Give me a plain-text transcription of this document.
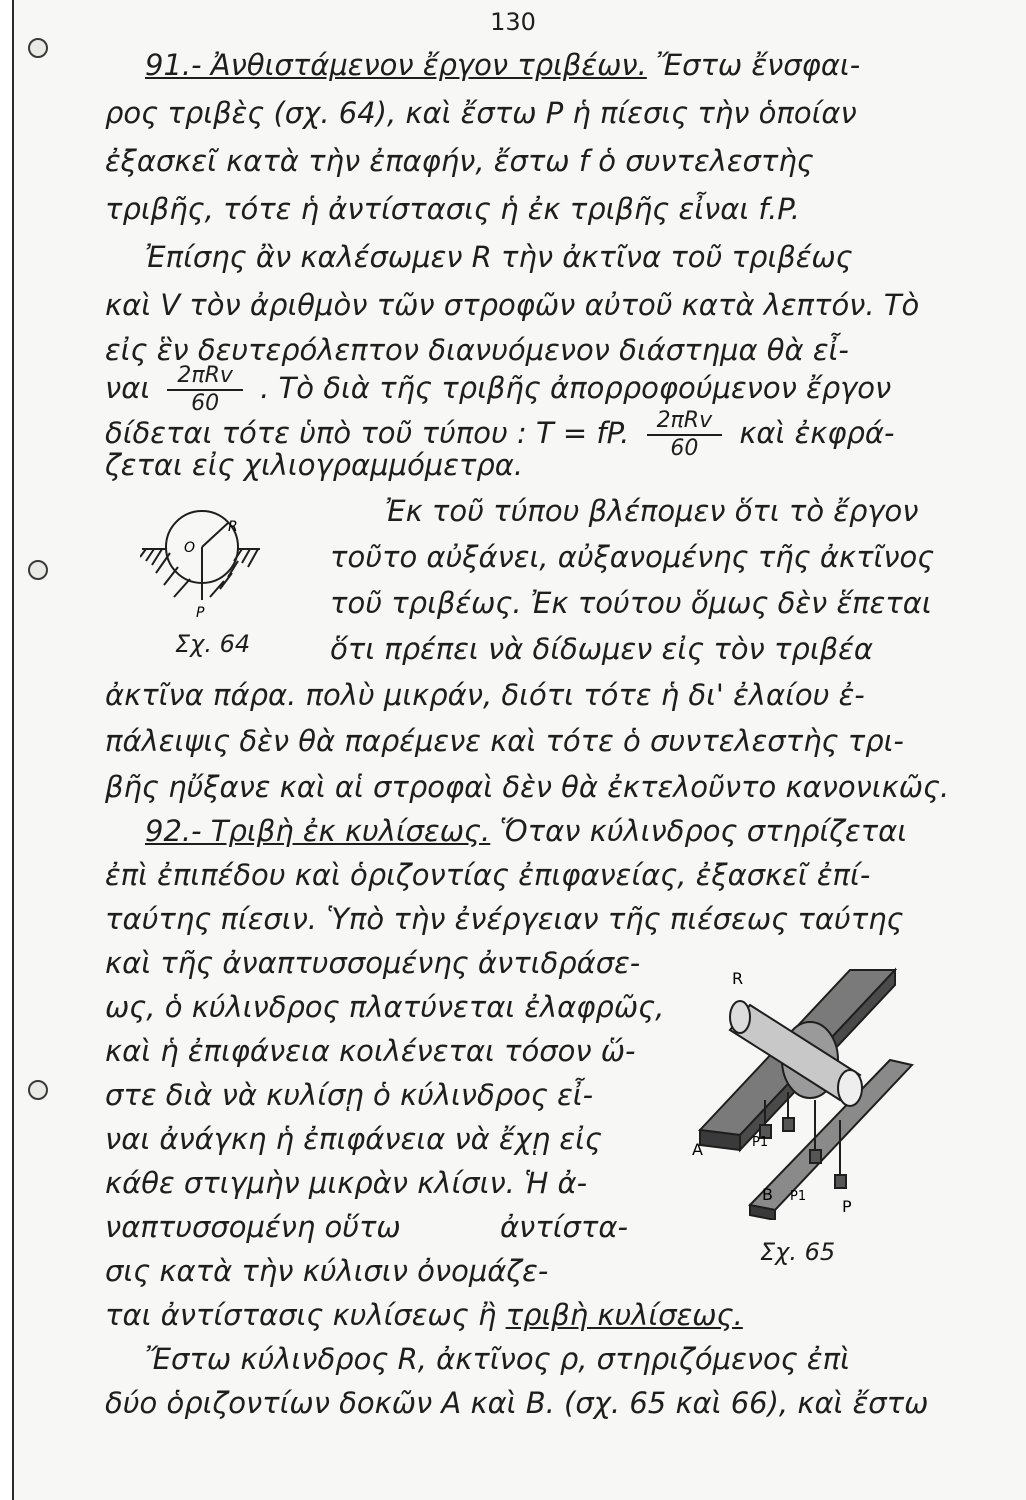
130
91.- Ἀνθιστάμενον ἔργον τριβέων. Ἔστω ἔνσφαι-
ρος τριβὲς (σχ. 64), καὶ ἔστω P ἡ πίεσις τὴν ὁποίαν
ἐξασκεῖ κατὰ τὴν ἐπαφήν, ἔστω f ὁ συντελεστὴς
τριβῆς, τότε ἡ ἀντίστασις ἡ ἐκ τριβῆς εἶναι f.P.
Ἐπίσης ἂν καλέσωμεν R τὴν ἀκτῖνα τοῦ τριβέως
καὶ V τὸν ἀριθμὸν τῶν στροφῶν αὐτοῦ κατὰ λεπτόν. Τὸ
εἰς ἓν δευτερόλεπτον διανυόμενον διάστημα θὰ εἶ-
ναι $\frac{\text{2πRv}}{60}$ . Τὸ διὰ τῆς τριβῆς ἀπορροφούμενον ἔργον
δίδεται τότε ὑπὸ τοῦ τύπου : T = fP. $\frac{\text{2πRv}}{60}$ καὶ ἐκφρά-
ζεται εἰς χιλιογραμμόμετρα.
Ἐκ τοῦ τύπου βλέπομεν ὅτι τὸ ἔργον
τοῦτο αὐξάνει, αὐξανομένης τῆς ἀκτῖνος
τοῦ τριβέως. Ἐκ τούτου ὅμως δὲν ἕπεται
ὅτι πρέπει νὰ δίδωμεν εἰς τὸν τριβέα
ἀκτῖνα πάρα. πολὺ μικράν, διότι τότε ἡ δι' ἐλαίου ἐ-
πάλειψις δὲν θὰ παρέμενε καὶ τότε ὁ συντελεστὴς τρι-
βῆς ηὔξανε καὶ αἱ στροφαὶ δὲν θὰ ἐκτελοῦντο κανονικῶς.
R
O
P
Σχ. 64
92.- Τριβὴ ἐκ κυλίσεως. Ὅταν κύλινδρος στηρίζεται
ἐπὶ ἐπιπέδου καὶ ὁριζοντίας ἐπιφανείας, ἐξασκεῖ ἐπί-
ταύτης πίεσιν. Ὑπὸ τὴν ἐνέργειαν τῆς πιέσεως ταύτης
καὶ τῆς ἀναπτυσσομένης ἀντιδράσε-
ως, ὁ κύλινδρος πλατύνεται ἐλαφρῶς,
καὶ ἡ ἐπιφάνεια κοιλένεται τόσον ὥ-
στε διὰ νὰ κυλίσῃ ὁ κύλινδρος εἶ-
ναι ἀνάγκη ἡ ἐπιφάνεια νὰ ἔχῃ εἰς
κάθε στιγμὴν μικρὰν κλίσιν. Ἡ ἀ-
ναπτυσσομένη οὕτω	ἀντίστα-
σις κατὰ τὴν κύλισιν ὀνομάζε-
ται ἀντίστασις κυλίσεως ἢ τριβὴ κυλίσεως.
Ἔστω κύλινδρος R, ἀκτῖνος ρ, στηριζόμενος ἐπὶ
δύο ὁριζοντίων δοκῶν A καὶ B. (σχ. 65 καὶ 66), καὶ ἔστω
R
A	P1
P1
B
P
Σχ. 65
